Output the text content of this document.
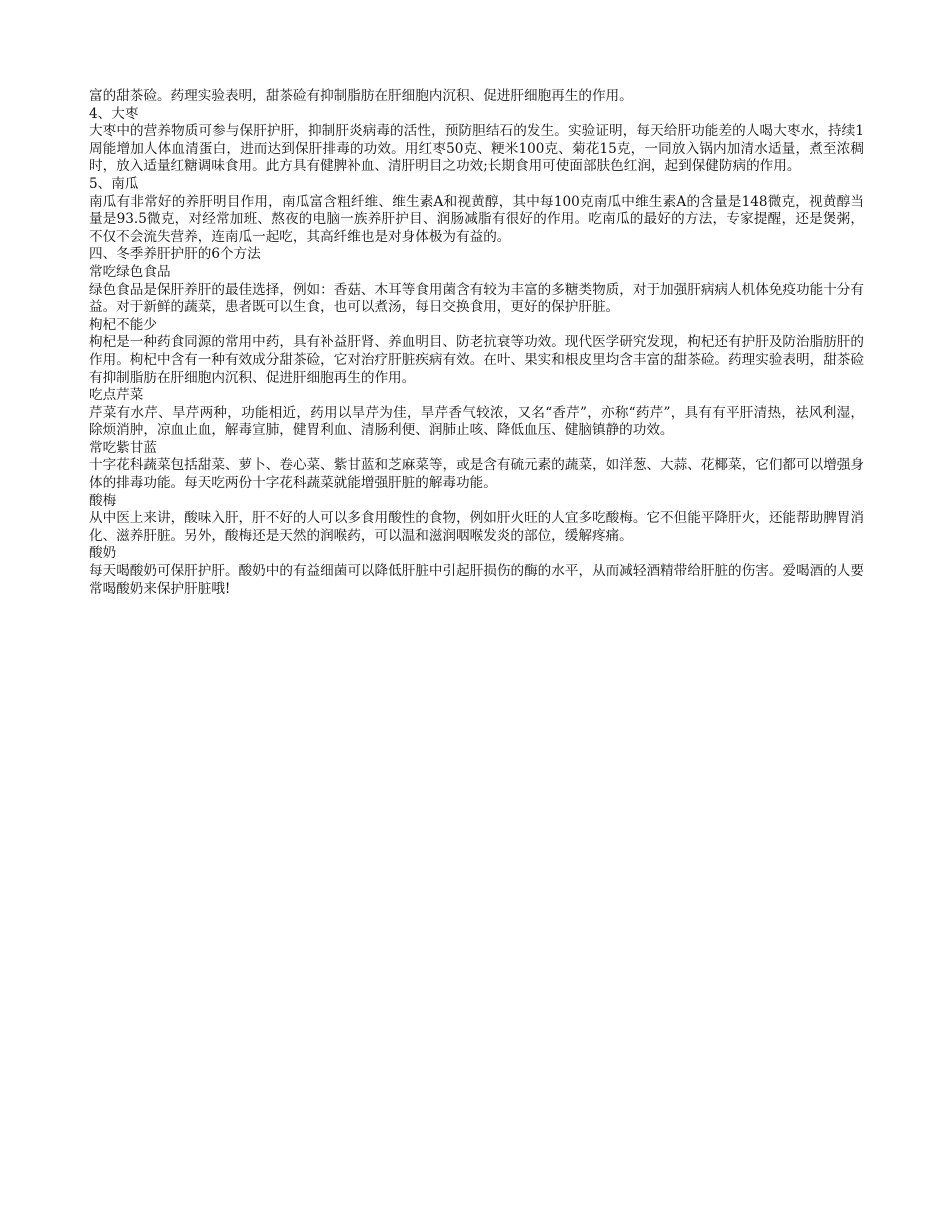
富的甜茶硷。药理实验表明，甜茶硷有抑制脂肪在肝细胞内沉积、促进肝细胞再生的作用。

4、大枣

大枣中的营养物质可参与保肝护肝，抑制肝炎病毒的活性，预防胆结石的发生。实验证明，每天给肝功能差的人喝大枣水，持续1周能增加人体血清蛋白，进而达到保肝排毒的功效。用红枣50克、粳米100克、菊花15克，一同放入锅内加清水适量，煮至浓稠时，放入适量红糖调味食用。此方具有健脾补血、清肝明目之功效;长期食用可使面部肤色红润，起到保健防病的作用。

5、南瓜

南瓜有非常好的养肝明目作用，南瓜富含粗纤维、维生素A和视黄醇，其中每100克南瓜中维生素A的含量是148微克，视黄醇当量是93.5微克，对经常加班、熬夜的电脑一族养肝护目、润肠减脂有很好的作用。吃南瓜的最好的方法，专家提醒，还是煲粥，不仅不会流失营养，连南瓜一起吃，其高纤维也是对身体极为有益的。

四、冬季养肝护肝的6个方法

常吃绿色食品

绿色食品是保肝养肝的最佳选择，例如：香菇、木耳等食用菌含有较为丰富的多糖类物质，对于加强肝病病人机体免疫功能十分有益。对于新鲜的蔬菜，患者既可以生食，也可以煮汤，每日交换食用，更好的保护肝脏。

枸杞不能少

枸杞是一种药食同源的常用中药，具有补益肝肾、养血明目、防老抗衰等功效。现代医学研究发现，枸杞还有护肝及防治脂肪肝的作用。枸杞中含有一种有效成分甜茶硷，它对治疗肝脏疾病有效。在叶、果实和根皮里均含丰富的甜茶硷。药理实验表明，甜茶硷有抑制脂肪在肝细胞内沉积、促进肝细胞再生的作用。

吃点芹菜

芹菜有水芹、旱芹两种，功能相近，药用以旱芹为佳，旱芹香气较浓，又名“香芹”，亦称“药芹”，具有有平肝清热，祛风利湿，除烦消肿，凉血止血，解毒宣肺，健胃利血、清肠利便、润肺止咳、降低血压、健脑镇静的功效。

常吃紫甘蓝

十字花科蔬菜包括甜菜、萝卜、卷心菜、紫甘蓝和芝麻菜等，或是含有硫元素的蔬菜，如洋葱、大蒜、花椰菜，它们都可以增强身体的排毒功能。每天吃两份十字花科蔬菜就能增强肝脏的解毒功能。

酸梅

从中医上来讲，酸味入肝，肝不好的人可以多食用酸性的食物，例如肝火旺的人宜多吃酸梅。它不但能平降肝火，还能帮助脾胃消化、滋养肝脏。另外，酸梅还是天然的润喉药，可以温和滋润咽喉发炎的部位，缓解疼痛。

酸奶

每天喝酸奶可保肝护肝。酸奶中的有益细菌可以降低肝脏中引起肝损伤的酶的水平，从而减轻酒精带给肝脏的伤害。爱喝酒的人要常喝酸奶来保护肝脏哦!
